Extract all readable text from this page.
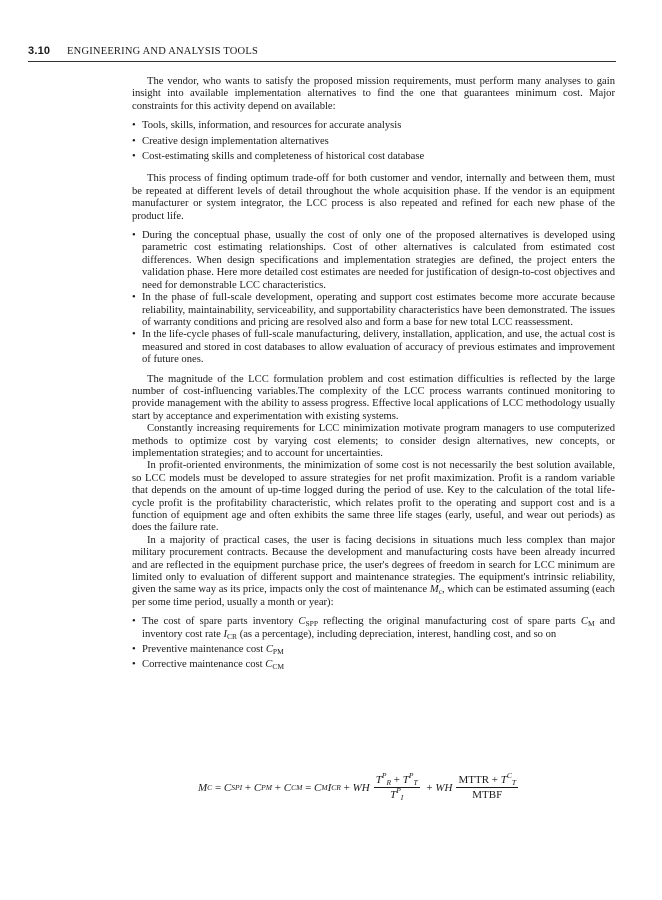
3.10 ENGINEERING AND ANALYSIS TOOLS

The vendor, who wants to satisfy the proposed mission requirements, must perform many analyses to gain insight into available implementation alternatives to find the one that guarantees minimum cost. Major constraints for this activity depend on available:

• Tools, skills, information, and resources for accurate analysis
• Creative design implementation alternatives
• Cost-estimating skills and completeness of historical cost database

This process of finding optimum trade-off for both customer and vendor, internally and between them, must be repeated at different levels of detail throughout the whole acquisition phase. If the vendor is an equipment manufacturer or system integrator, the LCC process is also repeated and refined for each new phase of the product life.

• During the conceptual phase, usually the cost of only one of the proposed alternatives is developed using parametric cost estimating relationships. Cost of other alternatives is calculated from estimated cost differences. When design specifications and implementation strategies are defined, the project enters the validation phase. Here more detailed cost estimates are needed for justification of design-to-cost objectives and need for demonstrable LCC characteristics.
• In the phase of full-scale development, operating and support cost estimates become more accurate because reliability, maintainability, serviceability, and supportability characteristics have been demonstrated. The issues of warranty conditions and pricing are resolved also and form a base for new total LCC reassessment.
• In the life-cycle phases of full-scale manufacturing, delivery, installation, application, and use, the actual cost is measured and stored in cost databases to allow evaluation of accuracy of previous estimates and improvement of future ones.

The magnitude of the LCC formulation problem and cost estimation difficulties is reflected by the large number of cost-influencing variables.The complexity of the LCC process warrants continued monitoring to provide management with the ability to assess progress. Effective local applications of LCC methodology usually start by acceptance and experimentation with existing systems.

Constantly increasing requirements for LCC minimization motivate program managers to use computerized methods to optimize cost by varying cost elements; to consider design alternatives, new concepts, or implementation strategies; and to account for uncertainties.

In profit-oriented environments, the minimization of some cost is not necessarily the best solution available, so LCC models must be developed to assure strategies for net profit maximization. Profit is a random variable that depends on the amount of up-time logged during the period of use. Key to the calculation of the total life-cycle profit is the profitability characteristic, which relates profit to the operating and support cost and is a function of equipment age and often exhibits the same three life stages (early, useful, and wear out periods) as does the failure rate.

In a majority of practical cases, the user is facing decisions in situations much less complex than major military procurement contracts. Because the development and manufacturing costs have been already incurred and are reflected in the equipment purchase price, the user's degrees of freedom in search for LCC minimum are limited only to evaluation of different support and maintenance strategies. The equipment's intrinsic reliability, given the same way as its price, impacts only the cost of maintenance $M_c$, which can be estimated assuming (each per some time period, usually a month or year):

• The cost of spare parts inventory $C_{SPP}$ reflecting the original manufacturing cost of spare parts $C_M$ and inventory cost rate $I_{CR}$ (as a percentage), including depreciation, interest, handling cost, and so on
• Preventive maintenance cost $C_{PM}$
• Corrective maintenance cost $C_{CM}$
M C = C SPI + C PM + C CM = C M I CR + WH $\frac{T^P_R + T^P_T}{T^P_I}$ + WH $\frac{MTTR + T^C_T}{\text{MTBF}}$
